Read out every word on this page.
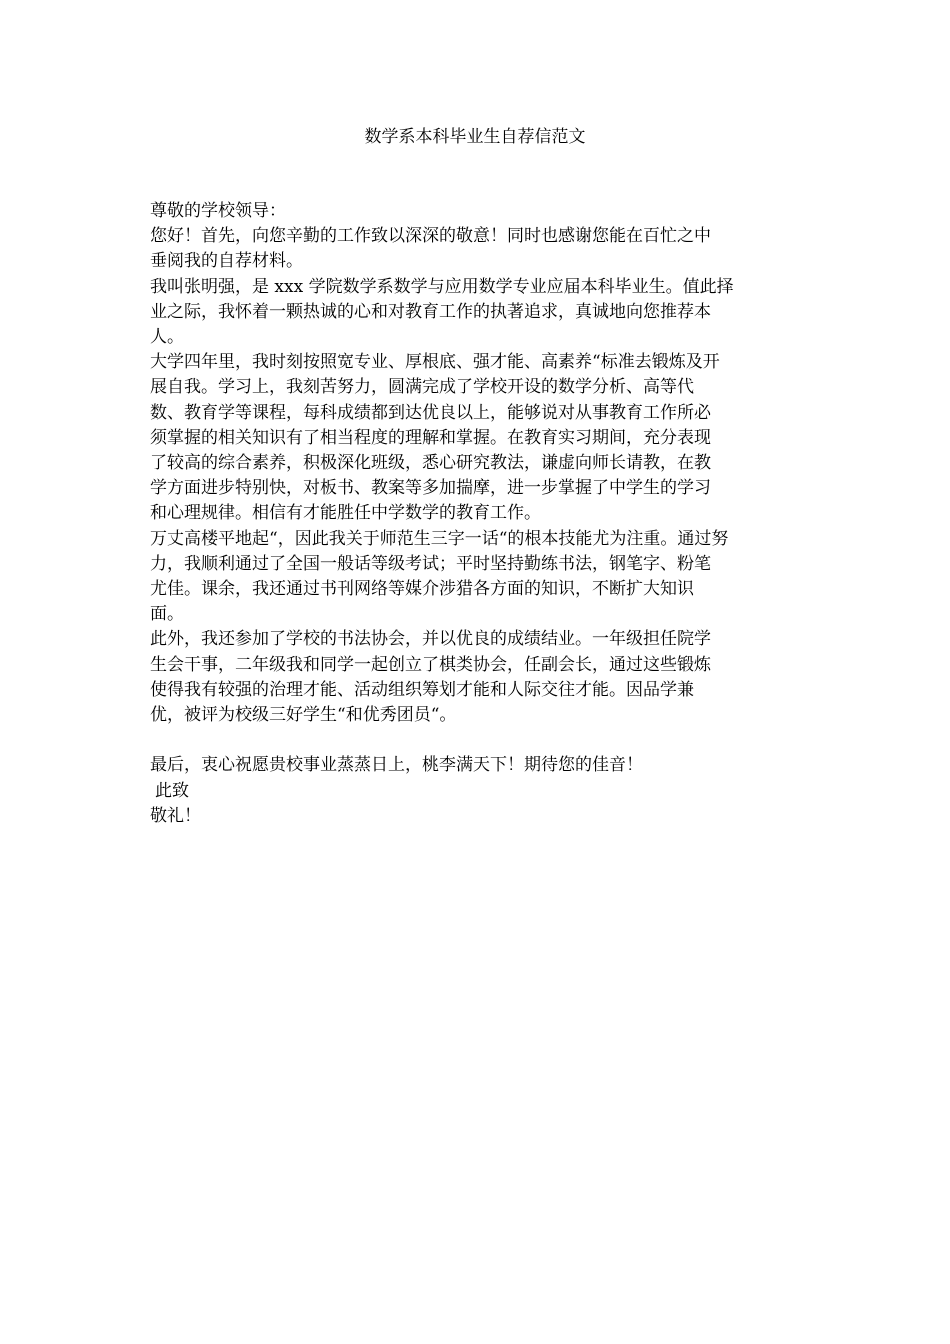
数学系本科毕业生自荐信范文

尊敬的学校领导：

您好！首先，向您辛勤的工作致以深深的敬意！同时也感谢您能在百忙之中

垂阅我的自荐材料。

我叫张明强，是 xxx 学院数学系数学与应用数学专业应届本科毕业生。值此择

业之际，我怀着一颗热诚的心和对教育工作的执著追求，真诚地向您推荐本

人。

大学四年里，我时刻按照宽专业、厚根底、强才能、高素养“标准去锻炼及开

展自我。学习上，我刻苦努力，圆满完成了学校开设的数学分析、高等代

数、教育学等课程，每科成绩都到达优良以上，能够说对从事教育工作所必

须掌握的相关知识有了相当程度的理解和掌握。在教育实习期间，充分表现

了较高的综合素养，积极深化班级，悉心研究教法，谦虚向师长请教，在教

学方面进步特别快，对板书、教案等多加揣摩，进一步掌握了中学生的学习

和心理规律。相信有才能胜任中学数学的教育工作。

万丈高楼平地起“，因此我关于师范生三字一话“的根本技能尤为注重。通过努

力，我顺利通过了全国一般话等级考试；平时坚持勤练书法，钢笔字、粉笔

尤佳。课余，我还通过书刊网络等媒介涉猎各方面的知识，不断扩大知识

面。

此外，我还参加了学校的书法协会，并以优良的成绩结业。一年级担任院学

生会干事，二年级我和同学一起创立了棋类协会，任副会长，通过这些锻炼

使得我有较强的治理才能、活动组织筹划才能和人际交往才能。因品学兼

优，被评为校级三好学生“和优秀团员“。

最后，衷心祝愿贵校事业蒸蒸日上，桃李满天下！期待您的佳音！

此致

敬礼！
